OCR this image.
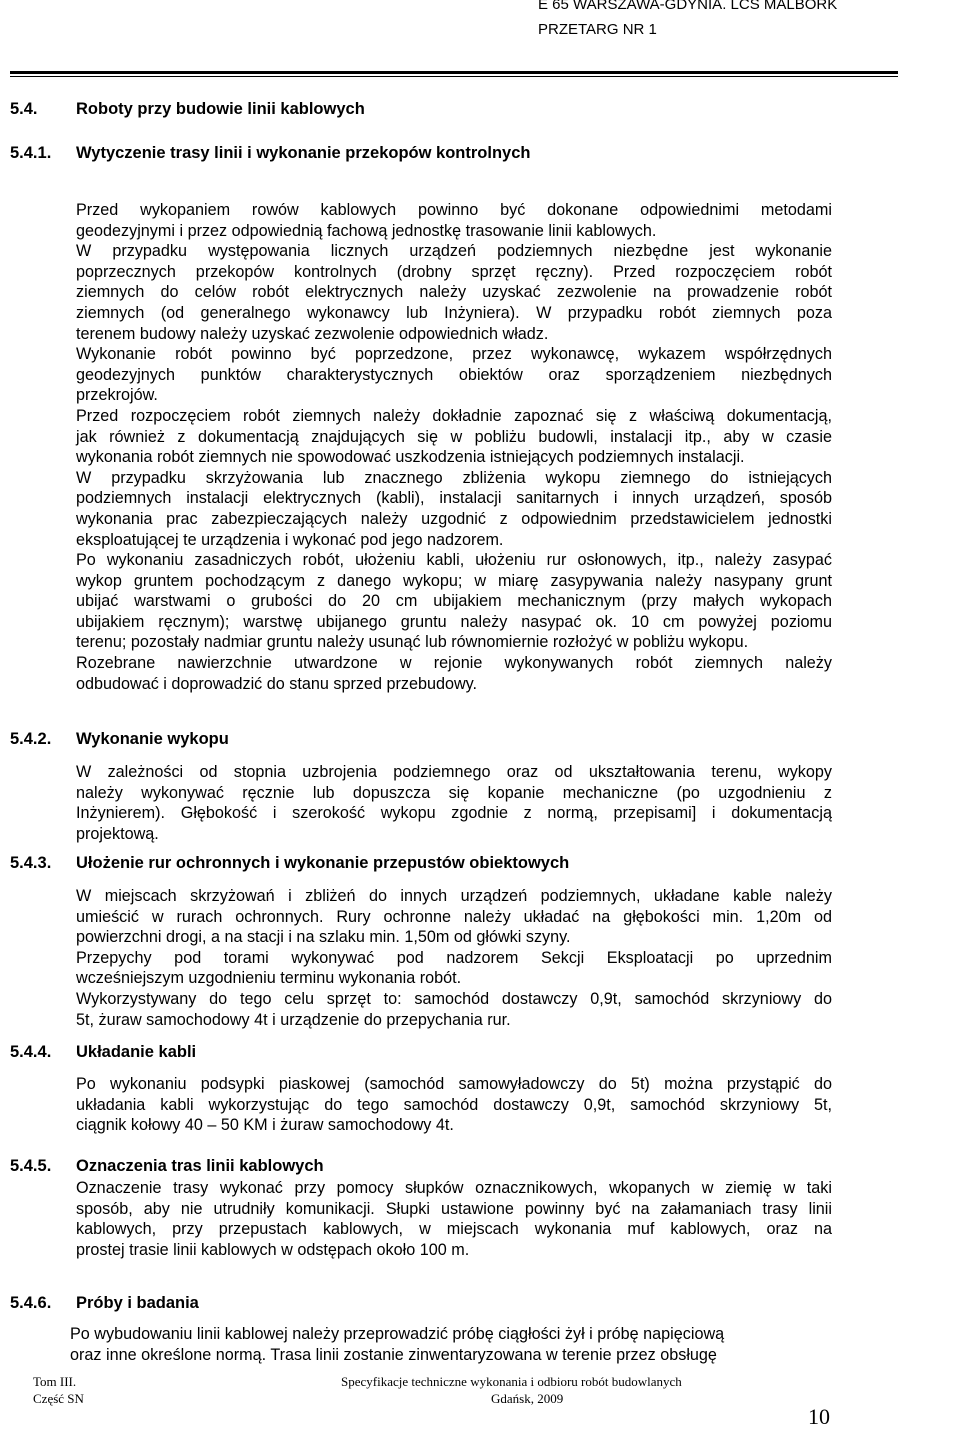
E 65 WARSZAWA-GDYNIA. LCS MALBORK
PRZETARG NR 1
5.4. Roboty przy budowie linii kablowych
5.4.1. Wytyczenie trasy linii i wykonanie przekopów kontrolnych
Przed wykopaniem rowów kablowych powinno być dokonane odpowiednimi metodami
geodezyjnymi i przez odpowiednią fachową jednostkę trasowanie linii kablowych.
W przypadku występowania licznych urządzeń podziemnych niezbędne jest wykonanie
poprzecznych przekopów kontrolnych (drobny sprzęt ręczny). Przed rozpoczęciem robót
ziemnych do celów robót elektrycznych należy uzyskać zezwolenie na prowadzenie robót
ziemnych (od generalnego wykonawcy lub Inżyniera). W przypadku robót ziemnych poza
terenem budowy należy uzyskać zezwolenie odpowiednich władz.
Wykonanie robót powinno być poprzedzone, przez wykonawcę, wykazem współrzędnych
geodezyjnych punktów charakterystycznych obiektów oraz sporządzeniem niezbędnych
przekrojów.
Przed rozpoczęciem robót ziemnych należy dokładnie zapoznać się z właściwą dokumentacją,
jak również z dokumentacją znajdujących się w pobliżu budowli, instalacji itp., aby w czasie
wykonania robót ziemnych nie spowodować uszkodzenia istniejących podziemnych instalacji.
W przypadku skrzyżowania lub znacznego zbliżenia wykopu ziemnego do istniejących
podziemnych instalacji elektrycznych (kabli), instalacji sanitarnych i innych urządzeń, sposób
wykonania prac zabezpieczających należy uzgodnić z odpowiednim przedstawicielem jednostki
eksploatującej te urządzenia i wykonać pod jego nadzorem.
Po wykonaniu zasadniczych robót, ułożeniu kabli, ułożeniu rur osłonowych, itp., należy zasypać
wykop gruntem pochodzącym z danego wykopu; w miarę zasypywania należy nasypany grunt
ubijać warstwami o grubości do 20 cm ubijakiem mechanicznym (przy małych wykopach
ubijakiem ręcznym); warstwę ubijanego gruntu należy nasypać ok. 10 cm powyżej poziomu
terenu; pozostały nadmiar gruntu należy usunąć lub równomiernie rozłożyć w pobliżu wykopu.
Rozebrane nawierzchnie utwardzone w rejonie wykonywanych robót ziemnych należy
odbudować i doprowadzić do stanu sprzed przebudowy.
5.4.2. Wykonanie wykopu
W zależności od stopnia uzbrojenia podziemnego oraz od ukształtowania terenu, wykopy
należy wykonywać ręcznie lub dopuszcza się kopanie mechaniczne (po uzgodnieniu z
Inżynierem). Głębokość i szerokość wykopu zgodnie z normą, przepisami] i dokumentacją
projektową.
5.4.3. Ułożenie rur ochronnych i wykonanie przepustów obiektowych
W miejscach skrzyżowań i zbliżeń do innych urządzeń podziemnych, układane kable należy
umieścić w rurach ochronnych. Rury ochronne należy układać na głębokości min. 1,20m od
powierzchni drogi, a na stacji i na szlaku min. 1,50m od główki szyny.
Przepychy pod torami wykonywać pod nadzorem Sekcji Eksploatacji po uprzednim
wcześniejszym uzgodnieniu terminu wykonania robót.
Wykorzystywany do tego celu sprzęt to: samochód dostawczy 0,9t, samochód skrzyniowy do
5t, żuraw samochodowy 4t i urządzenie do przepychania rur.
5.4.4. Układanie kabli
Po wykonaniu podsypki piaskowej (samochód samowyładowczy do 5t) można przystąpić do
układania kabli wykorzystując do tego samochód dostawczy 0,9t, samochód skrzyniowy 5t,
ciągnik kołowy 40 – 50 KM i żuraw samochodowy 4t.
5.4.5. Oznaczenia tras linii kablowych
Oznaczenie trasy wykonać przy pomocy słupków oznacznikowych, wkopanych w ziemię w taki
sposób, aby nie utrudniły komunikacji. Słupki ustawione powinny być na załamaniach trasy linii
kablowych, przy przepustach kablowych, w miejscach wykonania muf kablowych, oraz na
prostej trasie linii kablowych w odstępach około 100 m.
5.4.6. Próby i badania
Po wybudowaniu linii kablowej należy przeprowadzić próbę ciągłości żył i próbę napięciową
oraz inne określone normą. Trasa linii zostanie zinwentaryzowana w terenie przez obsługę
Tom III.
Część SN
Specyfikacje techniczne wykonania i odbioru robót budowlanych
Gdańsk, 2009
10
